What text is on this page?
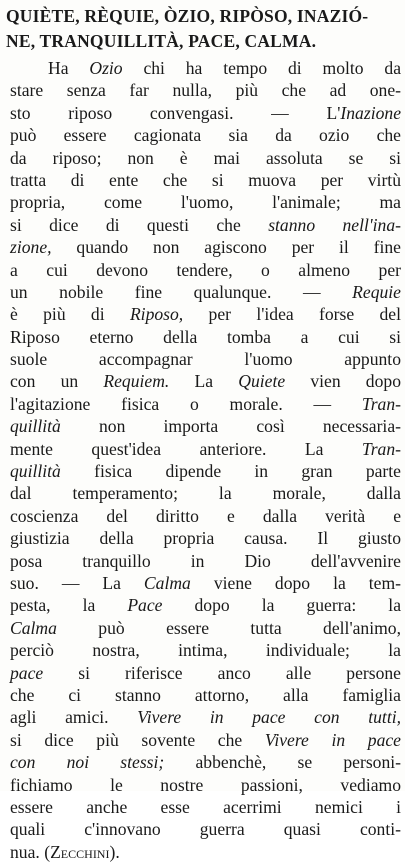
QUIÈTE, RÈQUIE, ÒZIO, RIPÒSO, INAZIÓ-
NE, TRANQUILLITÀ, PACE, CALMA.
Ha Ozio chi ha tempo di molto da
stare senza far nulla, più che ad one-
sto riposo convengasi. — L'Inazione
può essere cagionata sia da ozio che
da riposo; non è mai assoluta se si
tratta di ente che si muova per virtù
propria, come l'uomo, l'animale; ma
si dice di questi che stanno nell'ina-
zione, quando non agiscono per il fine
a cui devono tendere, o almeno per
un nobile fine qualunque. — Requie
è più di Riposo, per l'idea forse del
Riposo eterno della tomba a cui si
suole accompagnar l'uomo appunto
con un Requiem. La Quiete vien dopo
l'agitazione fisica o morale. — Tran-
quillità non importa così necessaria-
mente quest'idea anteriore. La Tran-
quillità fisica dipende in gran parte
dal temperamento; la morale, dalla
coscienza del diritto e dalla verità e
giustizia della propria causa. Il giusto
posa tranquillo in Dio dell'avvenire
suo. — La Calma viene dopo la tem-
pesta, la Pace dopo la guerra: la
Calma può essere tutta dell'animo,
perciò nostra, intima, individuale; la
pace si riferisce anco alle persone
che ci stanno attorno, alla famiglia
agli amici. Vivere in pace con tutti,
si dice più sovente che Vivere in pace
con noi stessi; abbenchè, se personi-
fichiamo le nostre passioni, vediamo
essere anche esse acerrimi nemici i
quali c'innovano guerra quasi conti-
nua. (Zecchini).
